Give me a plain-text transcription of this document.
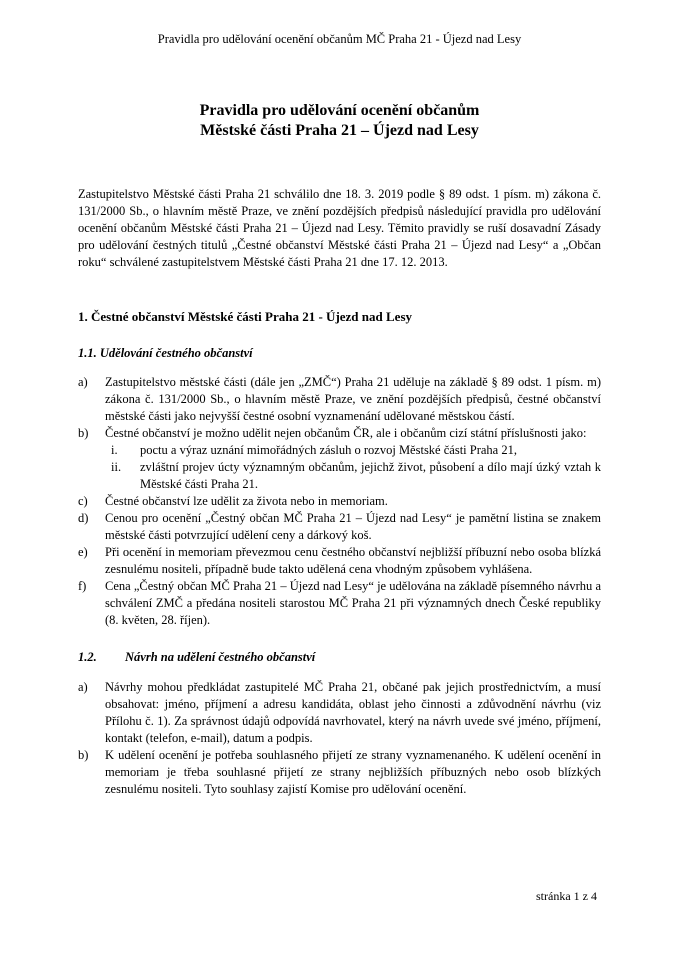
Pravidla pro udělování ocenění občanům MČ Praha 21 - Újezd nad Lesy
Pravidla pro udělování ocenění občanům
Městské části Praha 21 – Újezd nad Lesy

Zastupitelstvo Městské části Praha 21 schválilo dne 18. 3. 2019 podle § 89 odst. 1 písm. m) zákona č. 131/2000 Sb., o hlavním městě Praze, ve znění pozdějších předpisů následující pravidla pro udělování ocenění občanům Městské části Praha 21 – Újezd nad Lesy. Těmito pravidly se ruší dosavadní Zásady pro udělování čestných titulů „Čestné občanství Městské části Praha 21 – Újezd nad Lesy“ a „Občan roku“ schválené zastupitelstvem Městské části Praha 21 dne 17. 12. 2013.

1. Čestné občanství Městské části Praha 21 - Újezd nad Lesy
1.1. Udělování čestného občanství
a)	Zastupitelstvo městské části (dále jen „ZMČ“) Praha 21 uděluje na základě § 89 odst. 1 písm. m) zákona č. 131/2000 Sb., o hlavním městě Praze, ve znění pozdějších předpisů, čestné občanství městské části jako nejvyšší čestné osobní vyznamenání udělované městskou částí.
b)	Čestné občanství je možno udělit nejen občanům ČR, ale i občanům cizí státní příslušnosti jako:
i.	poctu a výraz uznání mimořádných zásluh o rozvoj Městské části Praha 21,
ii.	zvláštní projev úcty významným občanům, jejichž život, působení a dílo mají úzký vztah k Městské části Praha 21.
c)	Čestné občanství lze udělit za života nebo in memoriam.
d)	Cenou pro ocenění „Čestný občan MČ Praha 21 – Újezd nad Lesy“ je pamětní listina se znakem městské části potvrzující udělení ceny a dárkový koš.
e)	Při ocenění in memoriam převezmou cenu čestného občanství nejbližší příbuzní nebo osoba blízká zesnulému nositeli, případně bude takto udělená cena vhodným způsobem vyhlášena.
f)	Cena „Čestný občan MČ Praha 21 – Újezd nad Lesy“ je udělována na základě písemného návrhu a schválení ZMČ a předána nositeli starostou MČ Praha 21 při významných dnech České republiky (8. květen, 28. říjen).
1.2. Návrh na udělení čestného občanství
a)	Návrhy mohou předkládat zastupitelé MČ Praha 21, občané pak jejich prostřednictvím, a musí obsahovat: jméno, příjmení a adresu kandidáta, oblast jeho činnosti a zdůvodnění návrhu (viz Přílohu č. 1). Za správnost údajů odpovídá navrhovatel, který na návrh uvede své jméno, příjmení, kontakt (telefon, e-mail), datum a podpis.
b)	K udělení ocenění je potřeba souhlasného přijetí ze strany vyznamenaného. K udělení ocenění in memoriam je třeba souhlasné přijetí ze strany nejbližších příbuzných nebo osob blízkých zesnulému nositeli. Tyto souhlasy zajistí Komise pro udělování ocenění.
stránka 1 z 4
